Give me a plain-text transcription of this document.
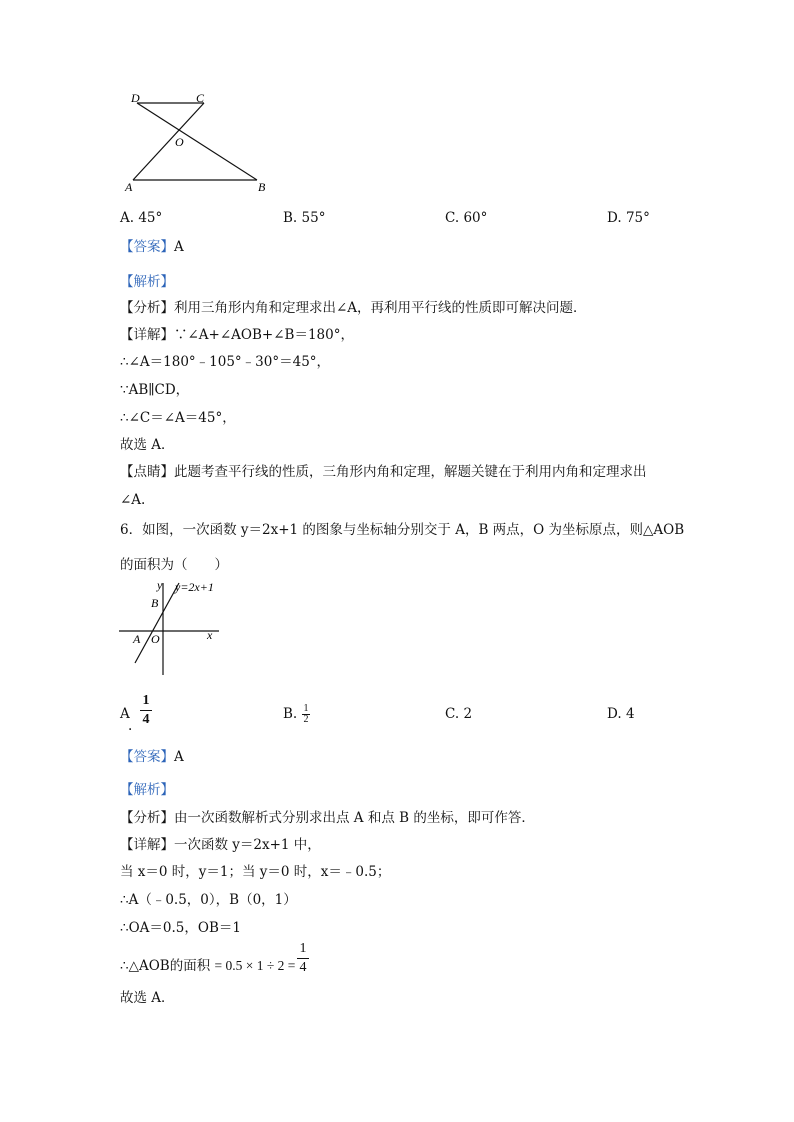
D	C
O
A	B
A. 45°	B. 55°	C. 60°	D. 75°
【答案】A
【解析】
【分析】利用三角形内角和定理求出∠A，再利用平行线的性质即可解决问题．
【详解】∵∠A+∠AOB+∠B＝180°，
∴∠A＝180°﹣105°﹣30°＝45°，
∵AB∥CD，
∴∠C＝∠A＝45°，
故选 A．
【点睛】此题考查平行线的性质，三角形内角和定理，解题关键在于利用内角和定理求出
∠A.
6．如图，一次函数 y＝2x+1 的图象与坐标轴分别交于 A，B 两点，O 为坐标原点，则△AOB
的面积为（　　）
y y=2x+1
B
A O	x
A
.
1
4	B. 1
2	C. 2	D. 4
【答案】A
【解析】
【分析】由一次函数解析式分别求出点 A 和点 B 的坐标，即可作答．
【详解】一次函数 y＝2x+1 中，
当 x＝0 时，y＝1；当 y＝0 时，x＝﹣0.5；
∴A（﹣0.5，0），B（0，1）
∴OA＝0.5，OB＝1
∴△AOB的面积 = 0.5 × 1 ÷ 2 =
1
4
故选 A．
